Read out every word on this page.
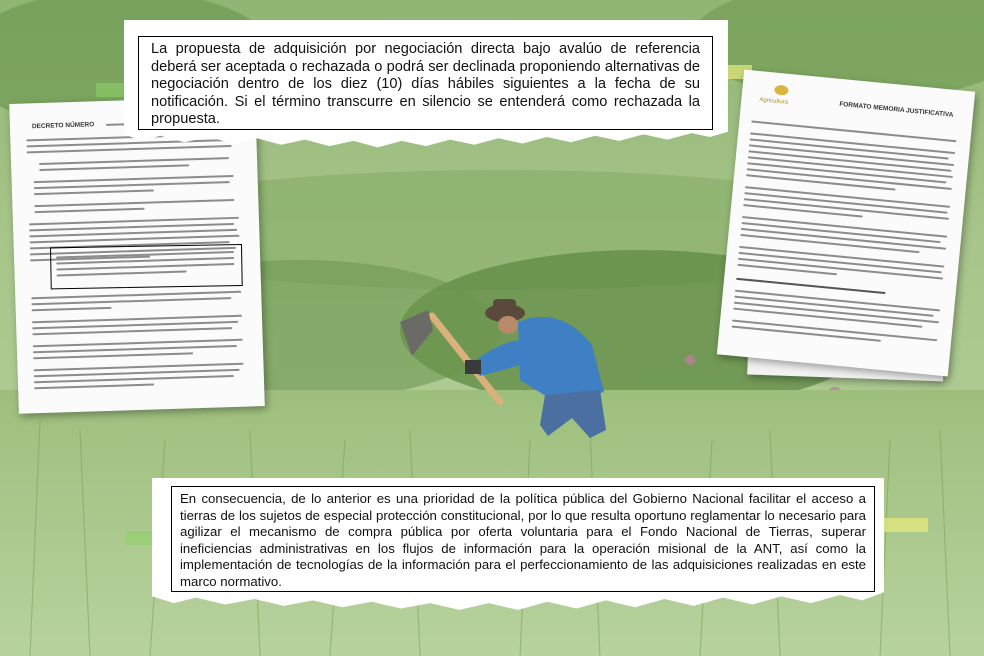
DECRETO NÚMERO
Agricultura	FORMATO MEMORIA JUSTIFICATIVA
La propuesta de adquisición por negociación directa bajo avalúo de referencia deberá ser aceptada o rechazada o podrá ser declinada proponiendo alternativas de negociación dentro de los diez (10) días hábiles siguientes a la fecha de su notificación. Si el término transcurre en silencio se entenderá como rechazada la propuesta.
En consecuencia, de lo anterior es una prioridad de la política pública del Gobierno Nacional facilitar el acceso a tierras de los sujetos de especial protección constitucional, por lo que resulta oportuno reglamentar lo necesario para agilizar el mecanismo de compra pública por oferta voluntaria para el Fondo Nacional de Tierras, superar ineficiencias administrativas en los flujos de información para la operación misional de la ANT, así como la implementación de tecnologías de la información para el perfeccionamiento de las adquisiciones realizadas en este marco normativo.
